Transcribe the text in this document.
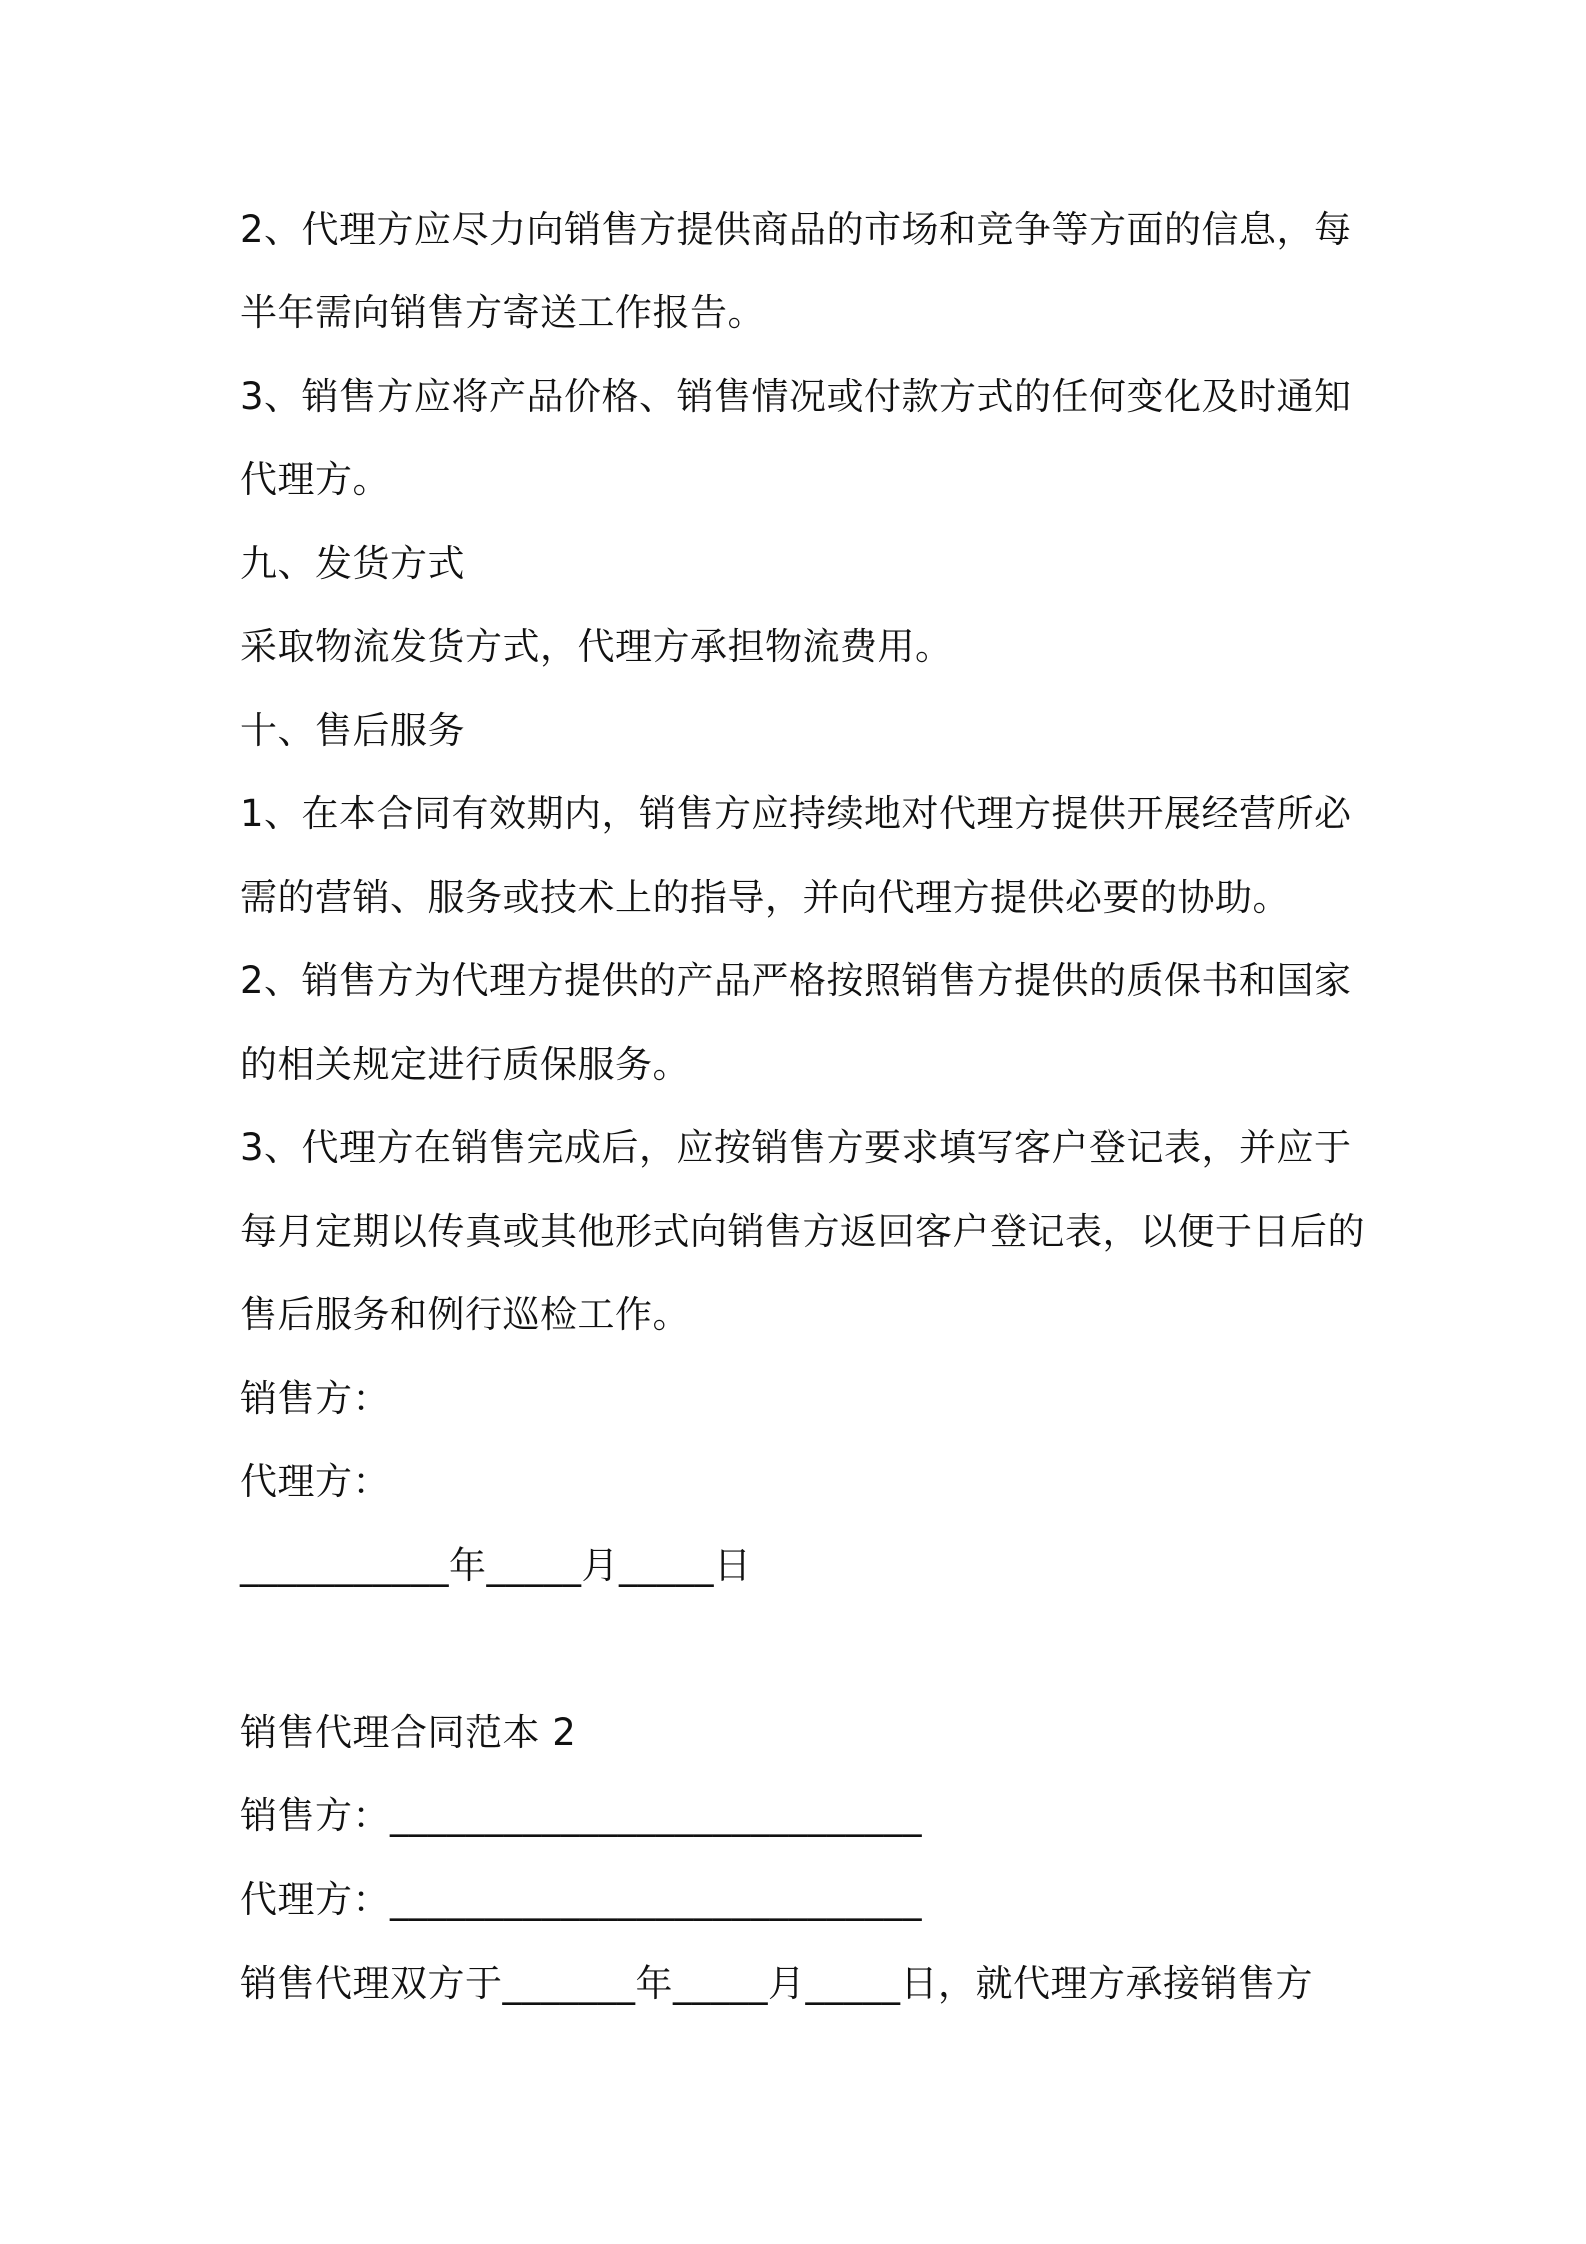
2、代理方应尽力向销售方提供商品的市场和竞争等方面的信息，每
半年需向销售方寄送工作报告。
3、销售方应将产品价格、销售情况或付款方式的任何变化及时通知
代理方。
九、发货方式
采取物流发货方式，代理方承担物流费用。
十、售后服务
1、在本合同有效期内，销售方应持续地对代理方提供开展经营所必
需的营销、服务或技术上的指导，并向代理方提供必要的协助。
2、销售方为代理方提供的产品严格按照销售方提供的质保书和国家
的相关规定进行质保服务。
3、代理方在销售完成后，应按销售方要求填写客户登记表，并应于
每月定期以传真或其他形式向销售方返回客户登记表，以便于日后的
售后服务和例行巡检工作。
销售方：
代理方：
___________年_____月_____日
销售代理合同范本 2
销售方：____________________________
代理方：____________________________
销售代理双方于_______年_____月_____日，就代理方承接销售方
